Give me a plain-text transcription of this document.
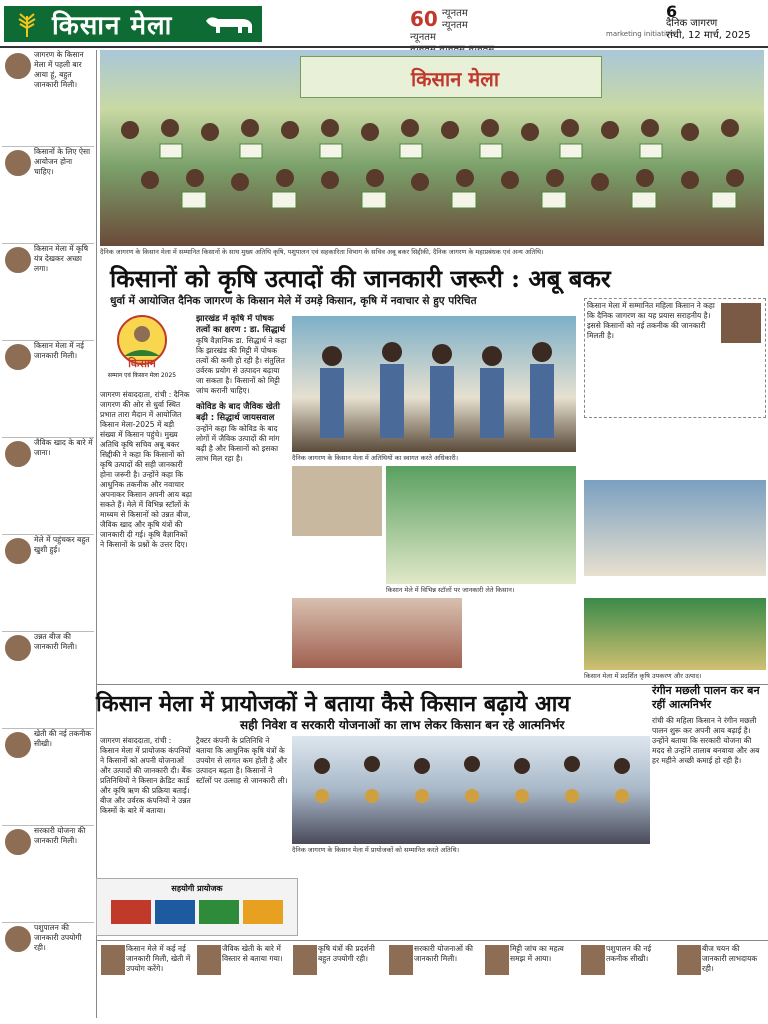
किसान मेला	60 न्यूनतम न्यूनतम न्यूनतम	marketing initiative
6
दैनिक जागरण
रांची, 12 मार्च, 2025
जागरण के किसान मेला में पहली बार आया हूं, बहुत जानकारी मिली।
किसानों के लिए ऐसा आयोजन होना चाहिए।
किसान मेला में कृषि यंत्र देखकर अच्छा लगा।
किसान मेला में नई जानकारी मिली।
जैविक खाद के बारे में जाना।
मेले में पहुंचकर बहुत खुशी हुई।
उन्नत बीज की जानकारी मिली।
खेती की नई तकनीक सीखी।
सरकारी योजना की जानकारी मिली।
पशुपालन की जानकारी उपयोगी रही।
किसान मेला
दैनिक जागरण के किसान मेला में सम्मानित किसानों के साथ मुख्य अतिथि कृषि, पशुपालन एवं सहकारिता विभाग के सचिव अबू बकर सिद्दीकी, दैनिक जागरण के महाप्रबंधक एवं अन्य अतिथि।
किसानों को कृषि उत्पादों की जानकारी जरूरी : अबू बकर
धुर्वा में आयोजित दैनिक जागरण के किसान मेले में उमड़े किसान, कृषि में नवाचार से हुए परिचित
किसान
सम्मान एवं किसान मेला 2025
जागरण संवाददाता, रांची : दैनिक जागरण की ओर से धुर्वा स्थित प्रभात तारा मैदान में आयोजित किसान मेला-2025 में बड़ी संख्या में किसान पहुंचे। मुख्य अतिथि कृषि सचिव अबू बकर सिद्दीकी ने कहा कि किसानों को कृषि उत्पादों की सही जानकारी होना जरूरी है। उन्होंने कहा कि आधुनिक तकनीक और नवाचार अपनाकर किसान अपनी आय बढ़ा सकते हैं। मेले में विभिन्न स्टॉलों के माध्यम से किसानों को उन्नत बीज, जैविक खाद और कृषि यंत्रों की जानकारी दी गई। कृषि वैज्ञानिकों ने किसानों के प्रश्नों के उत्तर दिए।
झारखंड में कृषि में पोषक तत्वों का क्षरण : डा. सिद्धार्थ
कृषि वैज्ञानिक डा. सिद्धार्थ ने कहा कि झारखंड की मिट्टी में पोषक तत्वों की कमी हो रही है। संतुलित उर्वरक प्रयोग से उत्पादन बढ़ाया जा सकता है। किसानों को मिट्टी जांच करानी चाहिए।
कोविड के बाद जैविक खेती बढ़ी : सिद्धार्थ जायसवाल
उन्होंने कहा कि कोविड के बाद लोगों में जैविक उत्पादों की मांग बढ़ी है और किसानों को इसका लाभ मिल रहा है।	दैनिक जागरण के किसान मेला में अतिथियों का स्वागत करते अधिकारी।
किसान मेले में विभिन्न स्टॉलों पर जानकारी लेते किसान।
किसान मेला में प्रदर्शित कृषि उपकरण और उत्पाद।
किसान मेला में सम्मानित महिला किसान ने कहा कि दैनिक जागरण का यह प्रयास सराहनीय है। इससे किसानों को नई तकनीक की जानकारी मिलती है।
किसान मेला में प्रायोजकों ने बताया कैसे किसान बढ़ाये आय
सही निवेश व सरकारी योजनाओं का लाभ लेकर किसान बन रहे आत्मनिर्भर
रंगीन मछली पालन कर बन रहीं आत्मनिर्भर
जागरण संवाददाता, रांची : किसान मेला में प्रायोजक कंपनियों ने किसानों को अपनी योजनाओं और उत्पादों की जानकारी दी। बैंक प्रतिनिधियों ने किसान क्रेडिट कार्ड और कृषि ऋण की प्रक्रिया बताई। बीज और उर्वरक कंपनियों ने उन्नत किस्मों के बारे में बताया।
ट्रैक्टर कंपनी के प्रतिनिधि ने बताया कि आधुनिक कृषि यंत्रों के उपयोग से लागत कम होती है और उत्पादन बढ़ता है। किसानों ने स्टॉलों पर उत्साह से जानकारी ली।
दैनिक जागरण के किसान मेला में प्रायोजकों को सम्मानित करते अतिथि।
रांची की महिला किसान ने रंगीन मछली पालन शुरू कर अपनी आय बढ़ाई है। उन्होंने बताया कि सरकारी योजना की मदद से उन्होंने तालाब बनवाया और अब हर महीने अच्छी कमाई हो रही है।
सहयोगी प्रायोजक
किसान मेले में कई नई जानकारी मिली, खेती में उपयोग करेंगे।
जैविक खेती के बारे में विस्तार से बताया गया।
कृषि यंत्रों की प्रदर्शनी बहुत उपयोगी रही।
सरकारी योजनाओं की जानकारी मिली।
मिट्टी जांच का महत्व समझ में आया।
पशुपालन की नई तकनीक सीखी।
बीज चयन की जानकारी लाभदायक रही।
